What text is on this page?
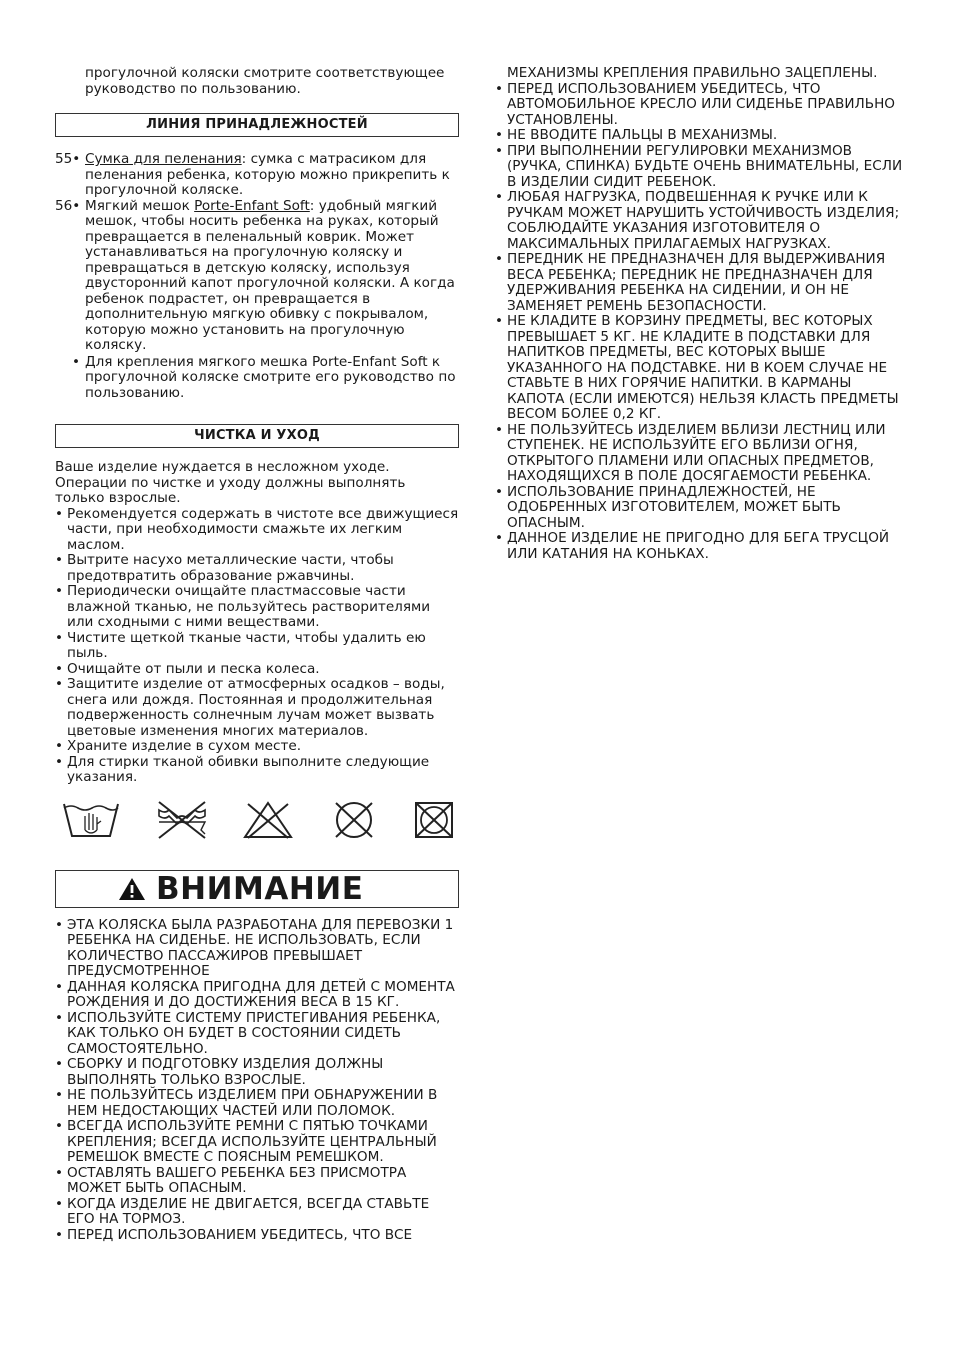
прогулочной коляски смотрите соответствующее

руководство по пользованию.

ЛИНИЯ ПРИНАДЛЕЖНОСТЕЙ
55• Сумка для пеленания: сумка с матрасиком для пеленания ребенка, которую можно прикрепить к прогулочной коляске.
56• Мягкий мешок Porte-Enfant Soft: удобный мягкий мешок, чтобы носить ребенка на руках, который превращается в пеленальный коврик. Может устанавливаться на прогулочную коляску и превращаться в детскую коляску, используя двусторонний капот прогулочной коляски. А когда ребенок подрастет, он превращается в дополнительную мягкую обивку с покрывалом, которую можно установить на прогулочную коляску.
• Для крепления мягкого мешка Porte-Enfant Soft к прогулочной коляске смотрите его руководство по пользованию.
ЧИСТКА И УХОД

Ваше изделие нуждается в несложном уходе. Операции по чистке и уходу должны выполнять только взрослые.

• Рекомендуется содержать в чистоте все движущиеся части, при необходимости смажьте их легким маслом.
• Вытрите насухо металлические части, чтобы предотвратить образование ржавчины.
• Периодически очищайте пластмассовые части влажной тканью, не пользуйтесь растворителями или сходными с ними веществами.
• Чистите щеткой тканые части, чтобы удалить ею пыль.
• Очищайте от пыли и песка колеса.
• Защитите изделие от атмосферных осадков – воды, снега или дождя. Постоянная и продолжительная подверженность солнечным лучам может вызвать цветовые изменения многих материалов.
• Храните изделие в сухом месте.
• Для стирки тканой обивки выполните следующие указания.
ВНИМАНИЕ
• ЭТА КОЛЯСКА БЫЛА РАЗРАБОТАНА ДЛЯ ПЕРЕВОЗКИ 1 РЕБЕНКА НА СИДЕНЬЕ. НЕ ИСПОЛЬЗОВАТЬ, ЕСЛИ КОЛИЧЕСТВО ПАССАЖИРОВ ПРЕВЫШАЕТ ПРЕДУСМОТРЕННОЕ
• ДАННАЯ КОЛЯСКА ПРИГОДНА ДЛЯ ДЕТЕЙ С МОМЕНТА РОЖДЕНИЯ И ДО ДОСТИЖЕНИЯ ВЕСА В 15 КГ.
• ИСПОЛЬЗУЙТЕ СИСТЕМУ ПРИСТЕГИВАНИЯ РЕБЕНКА, КАК ТОЛЬКО ОН БУДЕТ В СОСТОЯНИИ СИДЕТЬ САМОСТОЯТЕЛЬНО.
• СБОРКУ И ПОДГОТОВКУ ИЗДЕЛИЯ ДОЛЖНЫ ВЫПОЛНЯТЬ ТОЛЬКО ВЗРОСЛЫЕ.
• НЕ ПОЛЬЗУЙТЕСЬ ИЗДЕЛИЕМ ПРИ ОБНАРУЖЕНИИ В НЕМ НЕДОСТАЮЩИХ ЧАСТЕЙ ИЛИ ПОЛОМОК.
• ВСЕГДА ИСПОЛЬЗУЙТЕ РЕМНИ С ПЯТЬЮ ТОЧКАМИ КРЕПЛЕНИЯ; ВСЕГДА ИСПОЛЬЗУЙТЕ ЦЕНТРАЛЬНЫЙ РЕМЕШОК ВМЕСТЕ С ПОЯСНЫМ РЕМЕШКОМ.
• ОСТАВЛЯТЬ ВАШЕГО РЕБЕНКА БЕЗ ПРИСМОТРА МОЖЕТ БЫТЬ ОПАСНЫМ.
• КОГДА ИЗДЕЛИЕ НЕ ДВИГАЕТСЯ, ВСЕГДА СТАВЬТЕ ЕГО НА ТОРМОЗ.
• ПЕРЕД ИСПОЛЬЗОВАНИЕМ УБЕДИТЕСЬ, ЧТО ВСЕ

МЕХАНИЗМЫ КРЕПЛЕНИЯ ПРАВИЛЬНО ЗАЦЕПЛЕНЫ.

• ПЕРЕД ИСПОЛЬЗОВАНИЕМ УБЕДИТЕСЬ, ЧТО АВТОМОБИЛЬНОЕ КРЕСЛО ИЛИ СИДЕНЬЕ ПРАВИЛЬНО УСТАНОВЛЕНЫ.
• НЕ ВВОДИТЕ ПАЛЬЦЫ В МЕХАНИЗМЫ.
• ПРИ ВЫПОЛНЕНИИ РЕГУЛИРОВКИ МЕХАНИЗМОВ (РУЧКА, СПИНКА) БУДЬТЕ ОЧЕНЬ ВНИМАТЕЛЬНЫ, ЕСЛИ В ИЗДЕЛИИ СИДИТ РЕБЕНОК.
• ЛЮБАЯ НАГРУЗКА, ПОДВЕШЕННАЯ К РУЧКЕ ИЛИ К РУЧКАМ МОЖЕТ НАРУШИТЬ УСТОЙЧИВОСТЬ ИЗДЕЛИЯ; СОБЛЮДАЙТЕ УКАЗАНИЯ ИЗГОТОВИТЕЛЯ О МАКСИМАЛЬНЫХ ПРИЛАГАЕМЫХ НАГРУЗКАХ.
• ПЕРЕДНИК НЕ ПРЕДНАЗНАЧЕН ДЛЯ ВЫДЕРЖИВАНИЯ ВЕСА РЕБЕНКА; ПЕРЕДНИК НЕ ПРЕДНАЗНАЧЕН ДЛЯ УДЕРЖИВАНИЯ РЕБЕНКА НА СИДЕНИИ, И ОН НЕ ЗАМЕНЯЕТ РЕМЕНЬ БЕЗОПАСНОСТИ.
• НЕ КЛАДИТЕ В КОРЗИНУ ПРЕДМЕТЫ, ВЕС КОТОРЫХ ПРЕВЫШАЕТ 5 КГ. НЕ КЛАДИТЕ В ПОДСТАВКИ ДЛЯ НАПИТКОВ ПРЕДМЕТЫ, ВЕС КОТОРЫХ ВЫШЕ УКАЗАННОГО НА ПОДСТАВКЕ. НИ В КОЕМ СЛУЧАЕ НЕ СТАВЬТЕ В НИХ ГОРЯЧИЕ НАПИТКИ. В КАРМАНЫ КАПОТА (ЕСЛИ ИМЕЮТСЯ) НЕЛЬЗЯ КЛАСТЬ ПРЕДМЕТЫ ВЕСОМ БОЛЕЕ 0,2 КГ.
• НЕ ПОЛЬЗУЙТЕСЬ ИЗДЕЛИЕМ ВБЛИЗИ ЛЕСТНИЦ ИЛИ СТУПЕНЕК. НЕ ИСПОЛЬЗУЙТЕ ЕГО ВБЛИЗИ ОГНЯ, ОТКРЫТОГО ПЛАМЕНИ ИЛИ ОПАСНЫХ ПРЕДМЕТОВ, НАХОДЯЩИХСЯ В ПОЛЕ ДОСЯГАЕМОСТИ РЕБЕНКА.
• ИСПОЛЬЗОВАНИЕ ПРИНАДЛЕЖНОСТЕЙ, НЕ ОДОБРЕННЫХ ИЗГОТОВИТЕЛЕМ, МОЖЕТ БЫТЬ ОПАСНЫМ.
• ДАННОЕ ИЗДЕЛИЕ НЕ ПРИГОДНО ДЛЯ БЕГА ТРУСЦОЙ ИЛИ КАТАНИЯ НА КОНЬКАХ.
